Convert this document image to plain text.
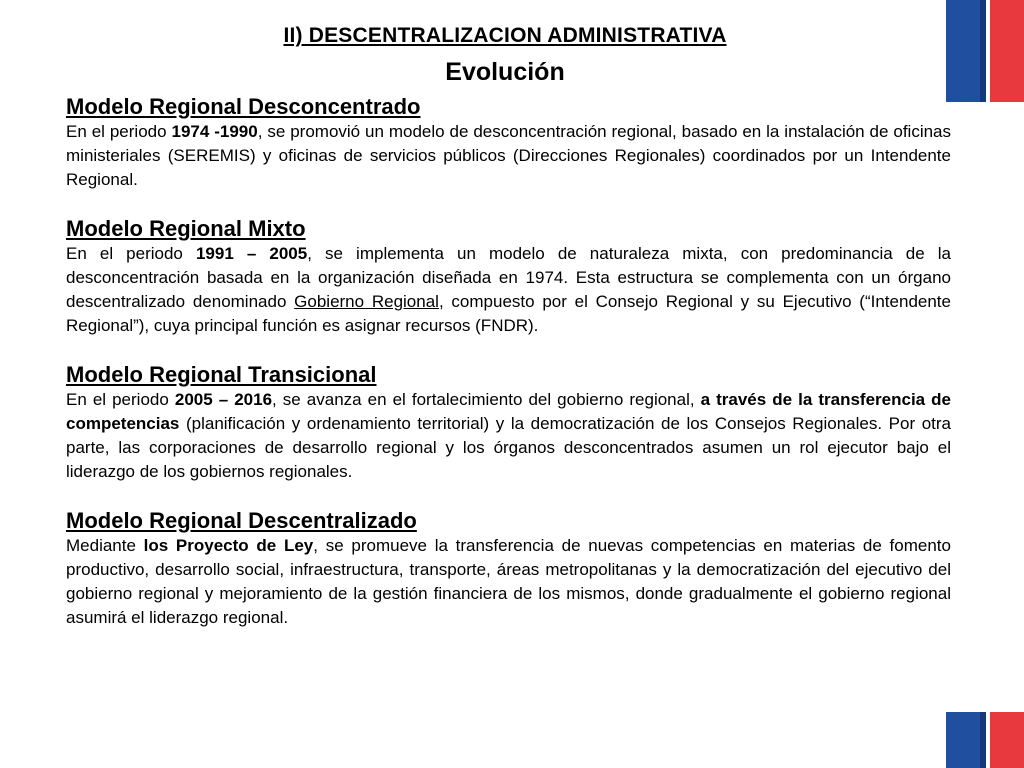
II) DESCENTRALIZACION ADMINISTRATIVA
Evolución

Modelo Regional Desconcentrado

En el periodo 1974 -1990, se promovió un modelo de desconcentración regional, basado en la instalación de oficinas ministeriales (SEREMIS) y oficinas de servicios públicos (Direcciones Regionales) coordinados por un Intendente Regional.

Modelo Regional Mixto

En el periodo 1991 – 2005, se implementa un modelo de naturaleza mixta, con predominancia de la desconcentración basada en la organización diseñada en 1974. Esta estructura se complementa con un órgano descentralizado denominado Gobierno Regional, compuesto por el Consejo Regional y su Ejecutivo (“Intendente Regional”), cuya principal función es asignar recursos (FNDR).

Modelo Regional Transicional

En el periodo 2005 – 2016, se avanza en el fortalecimiento del gobierno regional, a través de la transferencia de competencias (planificación y ordenamiento territorial) y la democratización de los Consejos Regionales. Por otra parte, las corporaciones de desarrollo regional y los órganos desconcentrados asumen un rol ejecutor bajo el liderazgo de los gobiernos regionales.

Modelo Regional Descentralizado

Mediante los Proyecto de Ley, se promueve la transferencia de nuevas competencias en materias de fomento productivo, desarrollo social, infraestructura, transporte, áreas metropolitanas y la democratización del ejecutivo del gobierno regional y mejoramiento de la gestión financiera de los mismos, donde gradualmente el gobierno regional asumirá el liderazgo regional.
